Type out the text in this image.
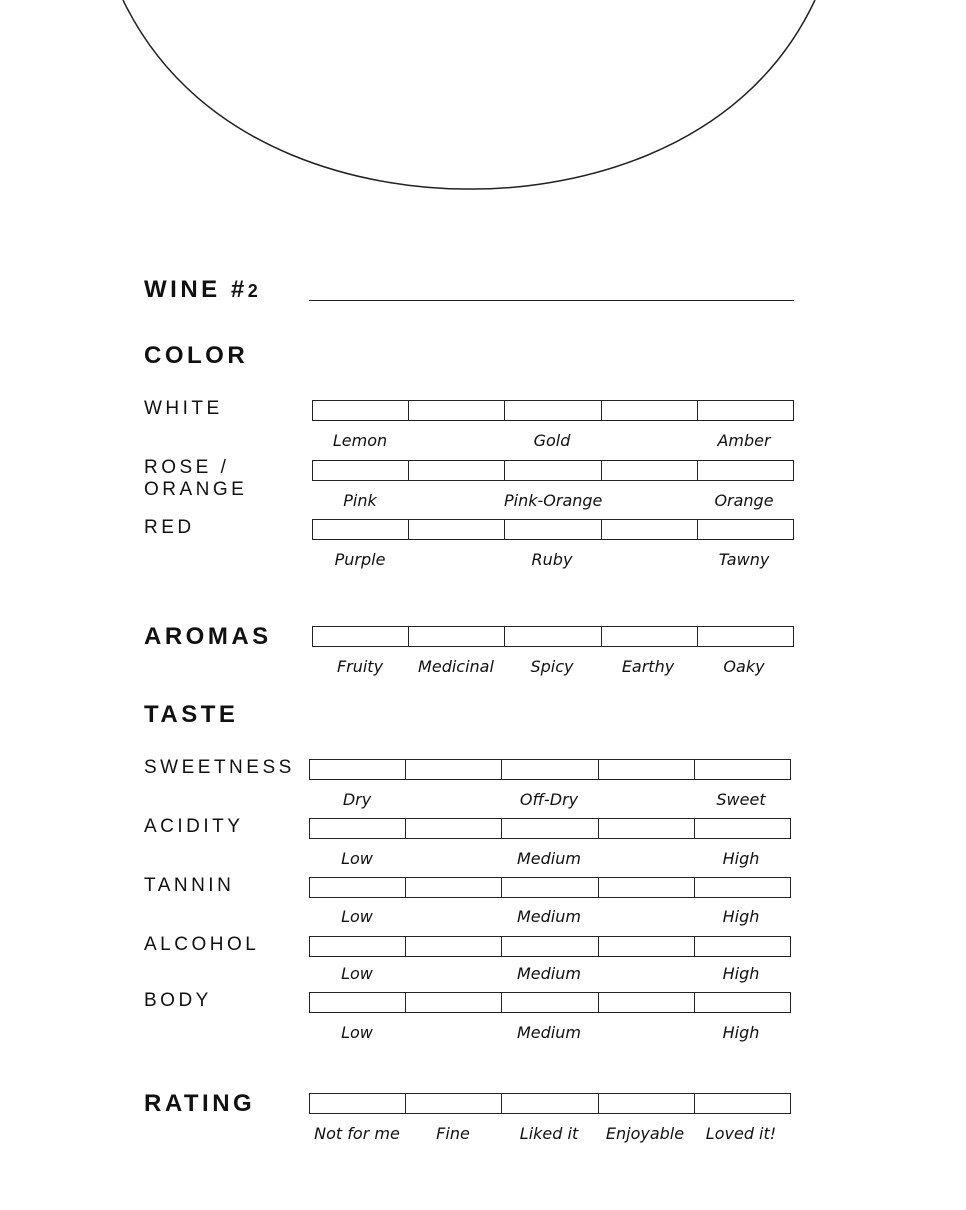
WINE #2
COLOR
WHITE
Lemon	Gold	Amber
ROSE /
ORANGE
Pink	Pink-Orange	Orange
RED
Purple	Ruby	Tawny
AROMAS
Fruity	Medicinal	Spicy	Earthy	Oaky
TASTE
SWEETNESS
Dry	Off-Dry	Sweet
ACIDITY
Low	Medium	High
TANNIN
Low	Medium	High
ALCOHOL
Low	Medium	High
BODY
Low	Medium	High
RATING
Not for me	Fine	Liked it	Enjoyable	Loved it!
